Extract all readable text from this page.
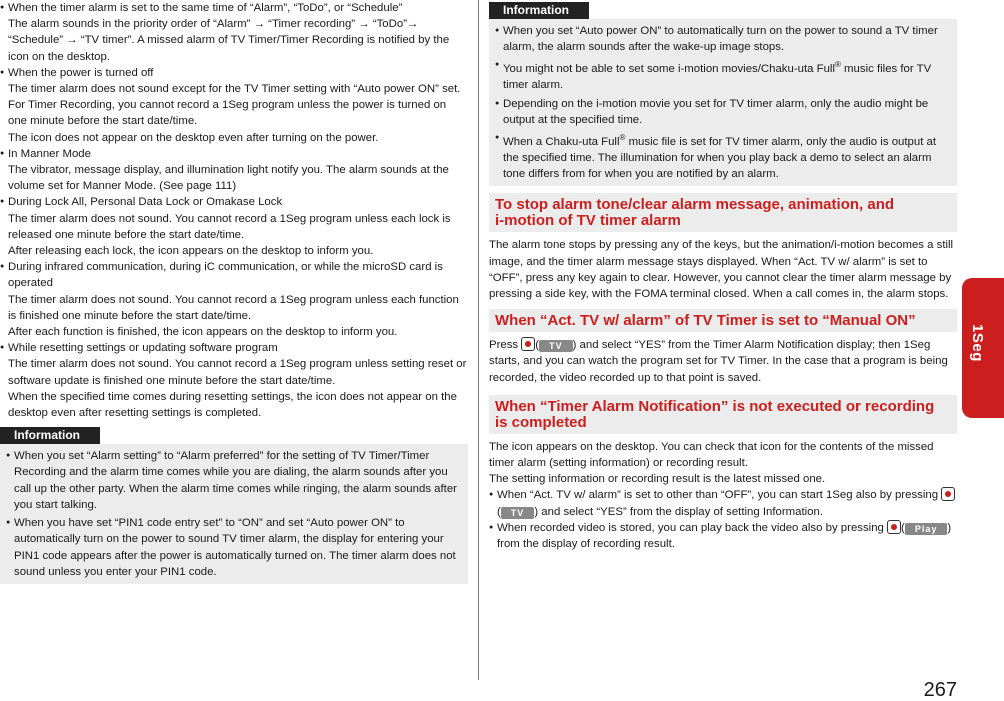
● When the timer alarm is set to the same time of “Alarm”, “ToDo”, or “Schedule”

The alarm sounds in the priority order of “Alarm” → “Timer recording” → “ToDo”→ “Schedule” → “TV timer”. A missed alarm of TV Timer/Timer Recording is notified by the icon on the desktop.

● When the power is turned off

The timer alarm does not sound except for the TV Timer setting with “Auto power ON” set. For Timer Recording, you cannot record a 1Seg program unless the power is turned on one minute before the start date/time.

The icon does not appear on the desktop even after turning on the power.

● In Manner Mode

The vibrator, message display, and illumination light notify you. The alarm sounds at the volume set for Manner Mode. (See page 111)

● During Lock All, Personal Data Lock or Omakase Lock

The timer alarm does not sound. You cannot record a 1Seg program unless each lock is released one minute before the start date/time.

After releasing each lock, the icon appears on the desktop to inform you.

● During infrared communication, during iC communication, or while the microSD card is operated

The timer alarm does not sound. You cannot record a 1Seg program unless each function is finished one minute before the start date/time.

After each function is finished, the icon appears on the desktop to inform you.

● While resetting settings or updating software program

The timer alarm does not sound. You cannot record a 1Seg program unless setting reset or software update is finished one minute before the start date/time.

When the specified time comes during resetting settings, the icon does not appear on the desktop even after resetting settings is completed.

Information

● When you set “Alarm setting” to “Alarm preferred” for the setting of TV Timer/Timer Recording and the alarm time comes while you are dialing, the alarm sounds after you call up the other party. When the alarm time comes while ringing, the alarm sounds after you start talking.

● When you have set “PIN1 code entry set” to “ON” and set “Auto power ON” to automatically turn on the power to sound TV timer alarm, the display for entering your PIN1 code appears after the power is automatically turned on. The timer alarm does not sound unless you enter your PIN1 code.

Information

● When you set “Auto power ON” to automatically turn on the power to sound a TV timer alarm, the alarm sounds after the wake-up image stops.

● You might not be able to set some i-motion movies/Chaku-uta Full® music files for TV timer alarm.

● Depending on the i-motion movie you set for TV timer alarm, only the audio might be output at the specified time.

● When a Chaku-uta Full® music file is set for TV timer alarm, only the audio is output at the specified time. The illumination for when you play back a demo to select an alarm tone differs from for when you are notified by an alarm.

To stop alarm tone/clear alarm message, animation, and
i-motion of TV timer alarm

The alarm tone stops by pressing any of the keys, but the animation/i-motion becomes a still image, and the timer alarm message stays displayed. When “Act. TV w/ alarm” is set to “OFF”, press any key again to clear. However, you cannot clear the timer alarm message by pressing a side key, with the FOMA terminal closed. When a call comes in, the alarm stops.

When “Act. TV w/ alarm” of TV Timer is set to “Manual ON”

Press ( TV ) and select “YES” from the Timer Alarm Notification display; then 1Seg starts, and you can watch the program set for TV Timer. In the case that a program is being recorded, the video recorded up to that point is saved.

When “Timer Alarm Notification” is not executed or recording
is completed

The icon appears on the desktop. You can check that icon for the contents of the missed timer alarm (setting information) or recording result.

The setting information or recording result is the latest missed one.

● When “Act. TV w/ alarm” is set to other than “OFF”, you can start 1Seg also by pressing ( TV ) and select “YES” from the display of setting Information.

● When recorded video is stored, you can play back the video also by pressing ( Play ) from the display of recording result.

1Seg
267
